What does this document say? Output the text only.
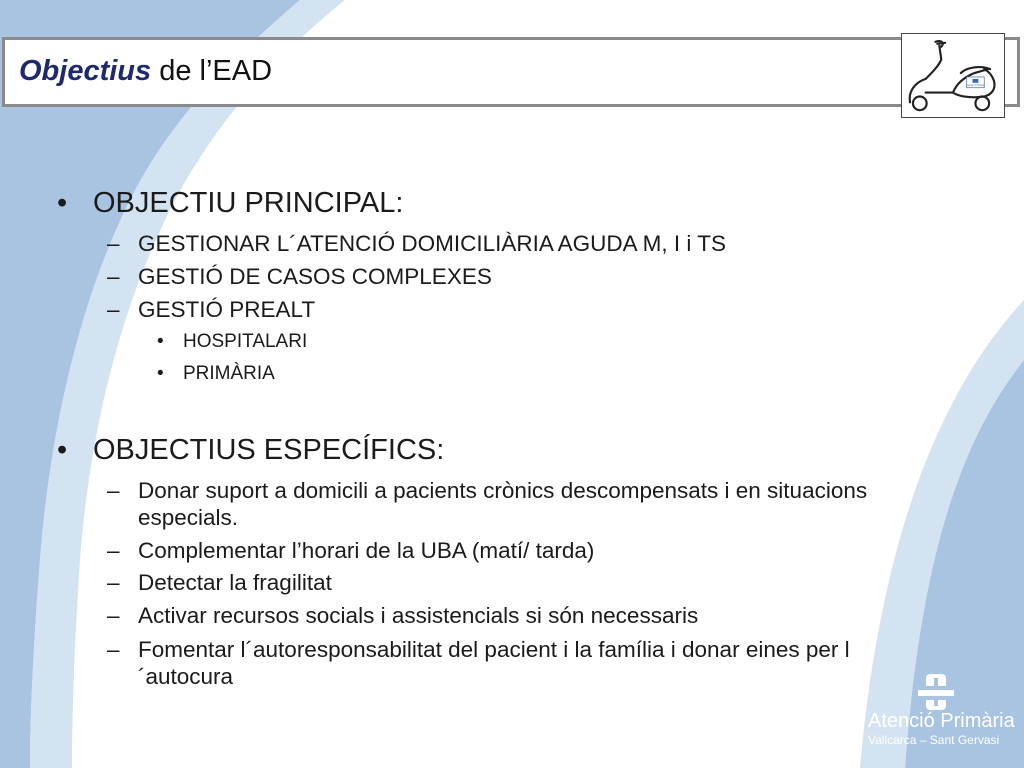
Objectius de l’EAD	Atenció Primària
• OBJECTIU PRINCIPAL:
– GESTIONAR L´ATENCIÓ DOMICILIÀRIA AGUDA M, I i TS
– GESTIÓ DE CASOS COMPLEXES
– GESTIÓ PREALT
• HOSPITALARI
• PRIMÀRIA
• OBJECTIUS ESPECÍFICS:
– Donar suport a domicili a pacients crònics descompensats i en situacions especials.
– Complementar l’horari de la UBA (matí/ tarda)
– Detectar la fragilitat
– Activar recursos socials i assistencials si són necessaris
– Fomentar l´autoresponsabilitat del pacient i la família i donar eines per l´autocura
Atenció Primària
Vallcarca – Sant Gervasi
